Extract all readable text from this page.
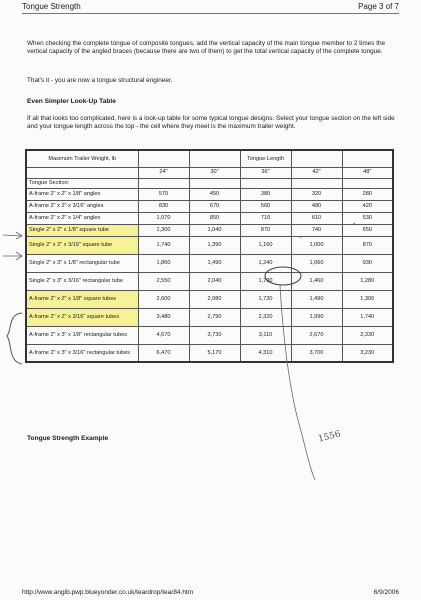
Tongue Strength	Page 3 of 7

When checking the complete tongue of composite tongues, add the vertical capacity of the main tongue member to 2 times the vertical capacity of the angled braces (because there are two of them) to get the total vertical capacity of the complete tongue.

That's it - you are now a tongue structural engineer.

Even Simpler Look-Up Table

If all that looks too complicated, here is a look-up table for some typical tongue designs. Select your tongue section on the left side and your tongue length across the top - the cell where they meet is the maximum trailer weight.

Maximum Trailer Weight, lb			Tongue Length		
	24"	30"	36"	42"	48"
Tongue Section:					
A-frame 2" x 2" x 1/8" angles	570	450	380	320	280
A-frame 2" x 2" x 3/16" angles	830	670	560	480	420
A-frame 2" x 2" x 1/4" angles	1,070	850	710	610	530
Single 2" x 2" x 1/8" square tube	1,300	1,040	870	740	650
Single 2" x 2" x 3/16" square tube	1,740	1,390	1,160	1,000	870
Single 2" x 3" x 1/8" rectangular tube	1,860	1,490	1,240	1,060	930
Single 2" x 3" x 3/16" rectangular tube	2,550	2,040	1,700	1,460	1,280
A-frame 2" x 2" x 1/8" square tubes	2,600	2,080	1,730	1,490	1,300
A-frame 2" x 2" x 3/16" square tubes	3,480	2,790	2,320	1,990	1,740
A-frame 2" x 3" x 1/8" rectangular tubes	4,670	3,730	3,110	2,670	2,330
A-frame 2" x 3" x 3/16" rectangular tubes	6,470	5,170	4,310	3,700	3,230
Tongue Strength Example	1556
http://www.angib.pwp.blueyonder.co.uk/teardrop/tear84.htm	6/9/2006
